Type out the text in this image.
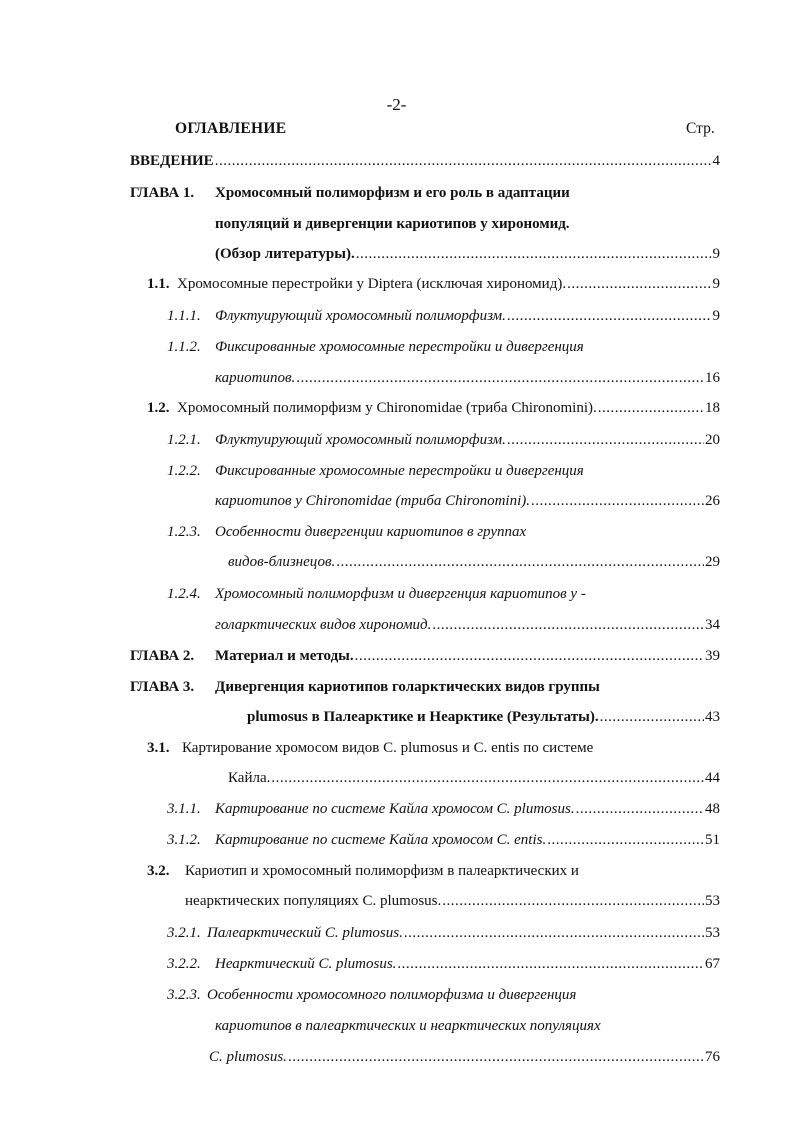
-2-
ОГЛАВЛЕНИЕ	Стр.
ВВЕДЕНИЕ .....	4
ГЛАВА 1. Хромосомный полиморфизм и его роль в адаптации
популяций и дивергенции кариотипов у хирономид.
(Обзор литературы). .....	9
1.1. Хромосомные перестройки у Diptera (исключая хирономид). .....	9
1.1.1. Флуктуирующий хромосомный полиморфизм. .....	9
1.1.2. Фиксированные хромосомные перестройки и дивергенция
кариотипов. .....	16
1.2. Хромосомный полиморфизм у Chironomidae (триба Chironomini). .....	18
1.2.1. Флуктуирующий хромосомный полиморфизм. .....	20
1.2.2. Фиксированные хромосомные перестройки и дивергенция
кариотипов у Chironomidae (триба Chironomini). .....	26
1.2.3. Особенности дивергенции кариотипов в группах
видов-близнецов. .....	29
1.2.4. Хромосомный полиморфизм и дивергенция кариотипов у -
голарктических видов хирономид. .....	34
ГЛАВА 2. Материал и методы. .....	39
ГЛАВА 3. Дивергенция кариотипов голарктических видов группы
plumosus в Палеарктике и Неарктике (Результаты). .....	43
3.1. Картирование хромосом видов C. plumosus и C. entis по системе
Кайла. .....	44
3.1.1. Картирование по системе Кайла хромосом C. plumosus. .....	48
3.1.2. Картирование по системе Кайла хромосом C. entis. .....	51
3.2. Кариотип и хромосомный полиморфизм в палеарктических и
неарктических популяциях C. plumosus. .....	53
3.2.1. Палеарктический C. plumosus. .....	53
3.2.2. Неарктический C. plumosus. .....	67
3.2.3. Особенности хромосомного полиморфизма и дивергенция
кариотипов в палеарктических и неарктических популяциях
C. plumosus. .....	76
